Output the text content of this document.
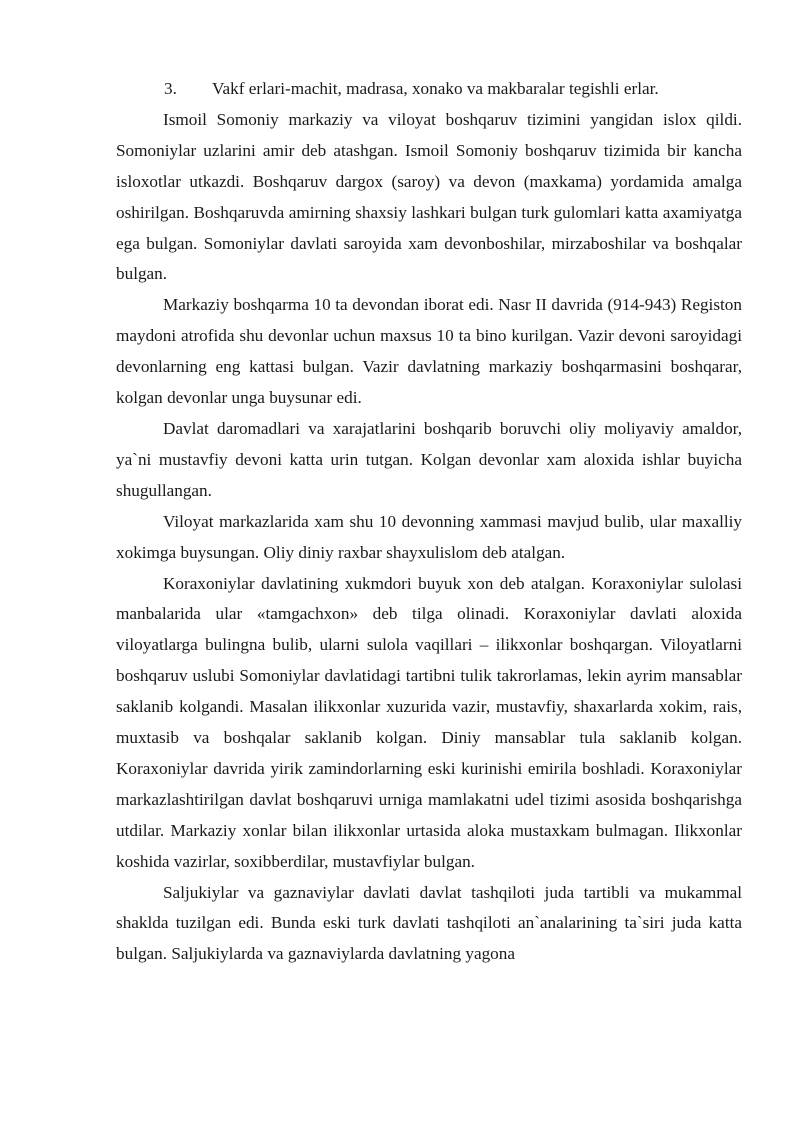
3. Vakf erlari-machit, madrasa, xonako va makbaralar tegishli erlar.

Ismoil Somoniy markaziy va viloyat boshqaruv tizimini yangidan islox qildi. Somoniylar uzlarini amir deb atashgan. Ismoil Somoniy boshqaruv tizimida bir kancha isloxotlar utkazdi. Boshqaruv dargox (saroy) va devon (maxkama) yordamida amalga oshirilgan. Boshqaruvda amirning shaxsiy lashkari bulgan turk gulomlari katta axamiyatga ega bulgan. Somoniylar davlati saroyida xam devonboshilar, mirzaboshilar va boshqalar bulgan.

Markaziy boshqarma 10 ta devondan iborat edi. Nasr II davrida (914-943) Registon maydoni atrofida shu devonlar uchun maxsus 10 ta bino kurilgan. Vazir devoni saroyidagi devonlarning eng kattasi bulgan. Vazir davlatning markaziy boshqarmasini boshqarar, kolgan devonlar unga buysunar edi.

Davlat daromadlari va xarajatlarini boshqarib boruvchi oliy moliyaviy amaldor, ya`ni mustavfiy devoni katta urin tutgan. Kolgan devonlar xam aloxida ishlar buyicha shugullangan.

Viloyat markazlarida xam shu 10 devonning xammasi mavjud bulib, ular maxalliy xokimga buysungan. Oliy diniy raxbar shayxulislom deb atalgan.

Koraxoniylar davlatining xukmdori buyuk xon deb atalgan. Koraxoniylar sulolasi manbalarida ular «tamgachxon» deb tilga olinadi. Koraxoniylar davlati aloxida viloyatlarga bulingna bulib, ularni sulola vaqillari – ilikxonlar boshqargan. Viloyatlarni boshqaruv uslubi Somoniylar davlatidagi tartibni tulik takrorlamas, lekin ayrim mansablar saklanib kolgandi. Masalan ilikxonlar xuzurida vazir, mustavfiy, shaxarlarda xokim, rais, muxtasib va boshqalar saklanib kolgan. Diniy mansablar tula saklanib kolgan. Koraxoniylar davrida yirik zamindorlarning eski kurinishi emirila boshladi. Koraxoniylar markazlashtirilgan davlat boshqaruvi urniga mamlakatni udel tizimi asosida boshqarishga utdilar. Markaziy xonlar bilan ilikxonlar urtasida aloka mustaxkam bulmagan. Ilikxonlar koshida vazirlar, soxibberdilar, mustavfiylar bulgan.

Saljukiylar va gaznaviylar davlati davlat tashqiloti juda tartibli va mukammal shaklda tuzilgan edi. Bunda eski turk davlati tashqiloti an`analarining ta`siri juda katta bulgan. Saljukiylarda va gaznaviylarda davlatning yagona
